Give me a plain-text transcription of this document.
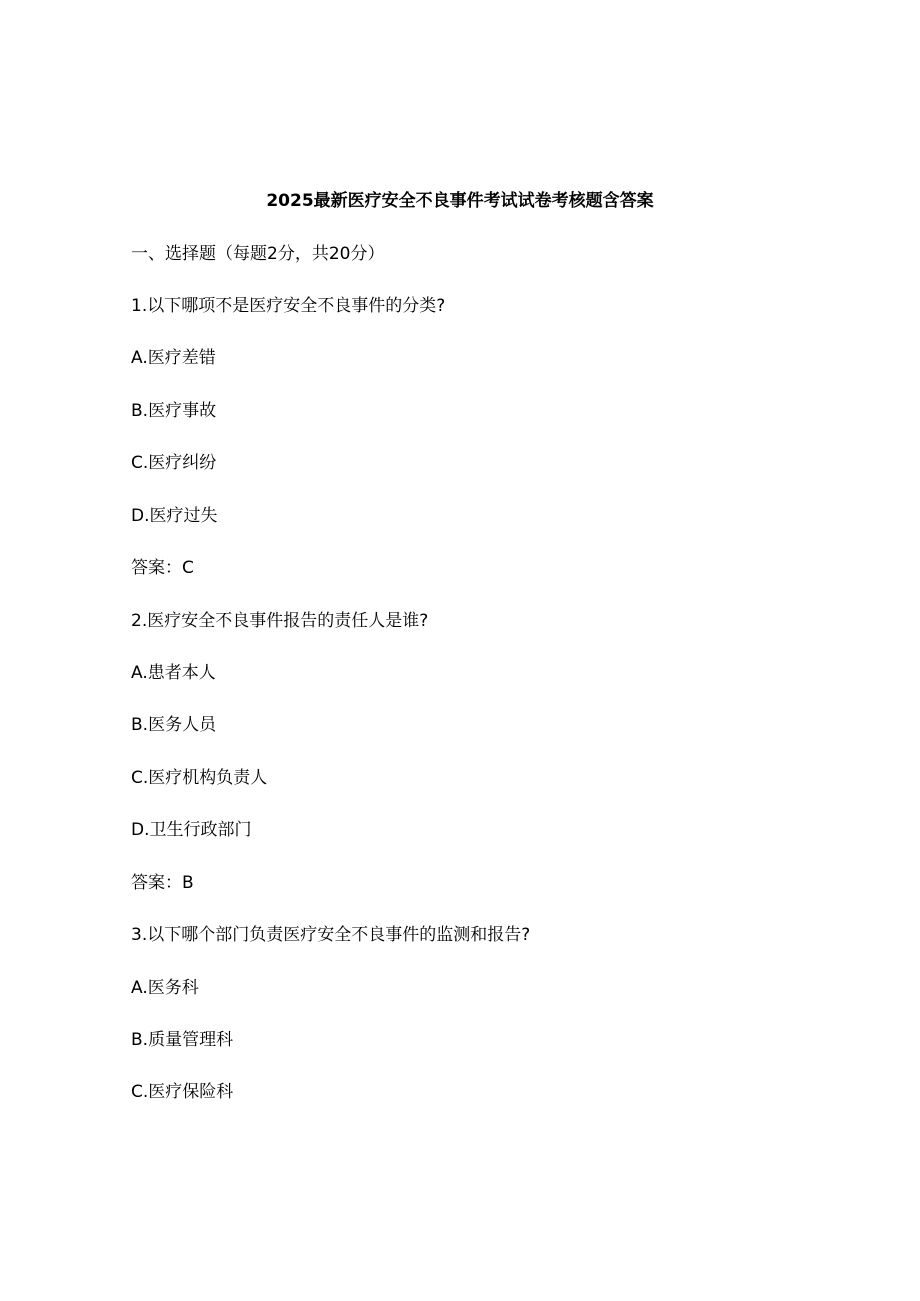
2025最新医疗安全不良事件考试试卷考核题含答案
一、选择题（每题2分，共20分）
1.以下哪项不是医疗安全不良事件的分类?
A.医疗差错
B.医疗事故
C.医疗纠纷
D.医疗过失
答案：C
2.医疗安全不良事件报告的责任人是谁?
A.患者本人
B.医务人员
C.医疗机构负责人
D.卫生行政部门
答案：B
3.以下哪个部门负责医疗安全不良事件的监测和报告?
A.医务科
B.质量管理科
C.医疗保险科
